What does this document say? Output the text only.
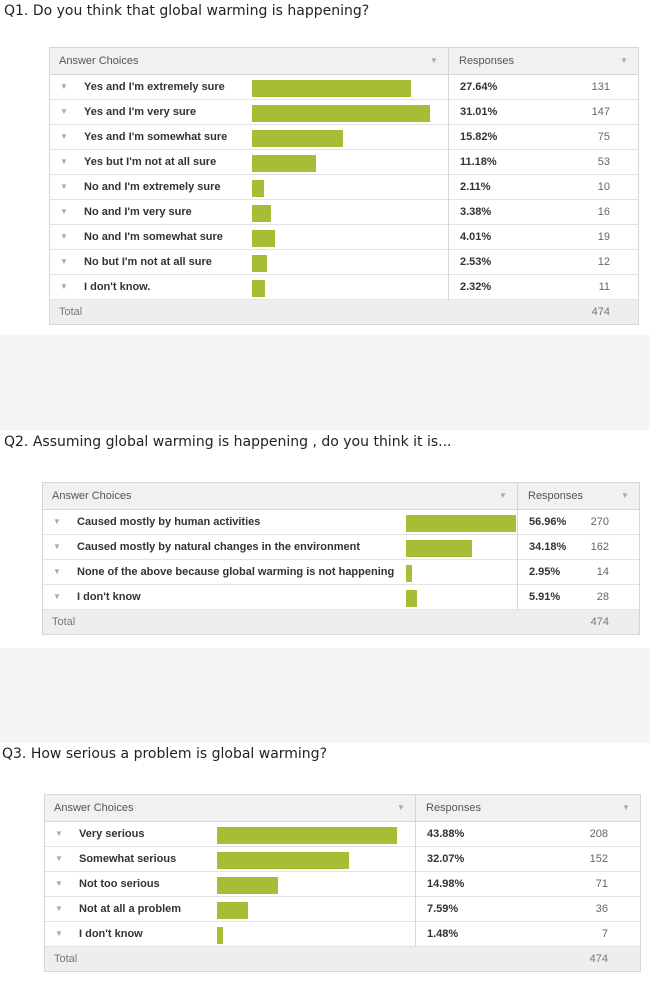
Q1. Do you think that global warming is happening?
Answer Choices	▼ Responses	▼
▼ Yes and I'm extremely sure	27.64%	131
▼ Yes and I'm very sure	31.01%	147
▼ Yes and I'm somewhat sure	15.82%	75
▼ Yes but I'm not at all sure	11.18%	53
▼ No and I'm extremely sure	2.11%	10
▼ No and I'm very sure	3.38%	16
▼ No and I'm somewhat sure	4.01%	19
▼ No but I'm not at all sure	2.53%	12
▼ I don't know.	2.32%	11
Total	474
Q2. Assuming global warming is happening , do you think it is...
Answer Choices	▼ Responses	▼
▼ Caused mostly by human activities	56.96%	270
▼ Caused mostly by natural changes in the environment	34.18%	162
▼ None of the above because global warming is not happening	2.95%	14
▼ I don't know	5.91%	28
Total	474
Q3. How serious a problem is global warming?
Answer Choices	▼ Responses	▼
▼ Very serious	43.88%	208
▼ Somewhat serious	32.07%	152
▼ Not too serious	14.98%	71
▼ Not at all a problem	7.59%	36
▼ I don't know	1.48%	7
Total	474
